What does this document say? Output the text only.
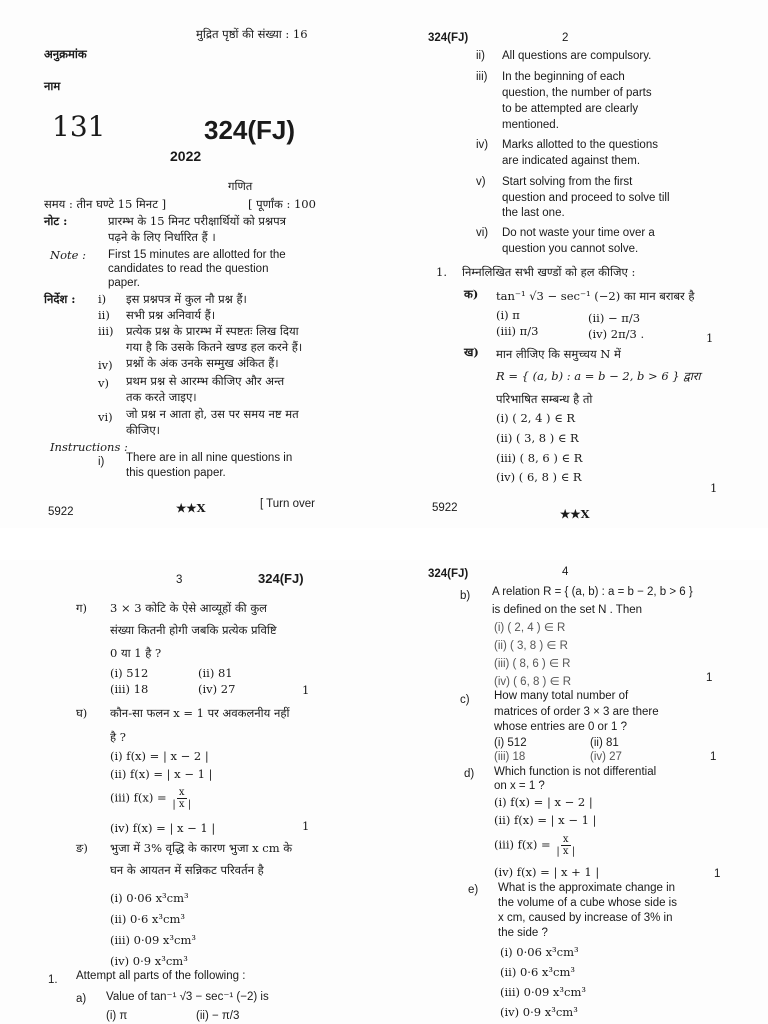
मुद्रित पृष्ठों की संख्या : 16
अनुक्रमांक
नाम
131	324(FJ)
2022
गणित
समय : तीन घण्टे 15 मिनट ]	[ पूर्णांक : 100
नोट :	प्रारम्भ के 15 मिनट परीक्षार्थियों को प्रश्नपत्र
पढ़ने के लिए निर्धारित हैं ।
Note : First 15 minutes are allotted for the
candidates to read the question
paper.
निर्देश : i) इस प्रश्नपत्र में कुल नौ प्रश्न हैं।
ii) सभी प्रश्न अनिवार्य हैं।
iii) प्रत्येक प्रश्न के प्रारम्भ में स्पष्टतः लिख दिया
गया है कि उसके कितने खण्ड हल करने हैं।
iv) प्रश्नों के अंक उनके सम्मुख अंकित हैं।
v) प्रथम प्रश्न से आरम्भ कीजिए और अन्त
तक करते जाइए।
vi) जो प्रश्न न आता हो, उस पर समय नष्ट मत
कीजिए।
Instructions :
i) There are in all nine questions in
this question paper.
5922	★★X	[ Turn over
324(FJ)	2
ii) All questions are compulsory.
iii) In the beginning of each
question, the number of parts
to be attempted are clearly
mentioned.
iv) Marks allotted to the questions
are indicated against them.
v) Start solving from the first
question and proceed to solve till
the last one.
vi) Do not waste your time over a
question you cannot solve.
1. निम्नलिखित सभी खण्डों को हल कीजिए :
क) tan⁻¹ √3 − sec⁻¹ (−2) का मान बराबर है
(i) π	(ii) − π/3
(iii) π/3	(iv) 2π/3 .	1
ख) मान लीजिए कि समुच्चय N में
R = { (a, b) : a = b − 2, b > 6 } द्वारा
परिभाषित सम्बन्ध है तो
(i) ( 2, 4 ) ∈ R
(ii) ( 3, 8 ) ∈ R
(iii) ( 8, 6 ) ∈ R
(iv) ( 6, 8 ) ∈ R
1
5922	★★X
3	324(FJ)
ग) 3 × 3 कोटि के ऐसे आव्यूहों की कुल
संख्या कितनी होगी जबकि प्रत्येक प्रविष्टि
0 या 1 है ?
(i) 512	(ii) 81
(iii) 18	(iv) 27	1
घ) कौन-सा फलन x = 1 पर अवकलनीय नहीं
है ?
(i) f(x) = | x − 2 |
(ii) f(x) = | x − 1 |
(iii) $f(x) = \frac{x}{| x |}$
(iv) f(x) = | x − 1 |	1
ङ) भुजा में 3% वृद्धि के कारण भुजा x cm के
घन के आयतन में सन्निकट परिवर्तन है
(i) 0·06 x³cm³
(ii) 0·6 x³cm³
(iii) 0·09 x³cm³
(iv) 0·9 x³cm³
1. Attempt all parts of the following :
a) Value of tan⁻¹ √3 − sec⁻¹ (−2) is
(i) π	(ii) − π/3
324(FJ)	4
b) A relation R = { (a, b) : a = b − 2, b > 6 }
is defined on the set N . Then
(i) ( 2, 4 ) ∈ R
(ii) ( 3, 8 ) ∈ R
(iii) ( 8, 6 ) ∈ R
(iv) ( 6, 8 ) ∈ R	1
c) How many total number of
matrices of order 3 × 3 are there
whose entries are 0 or 1 ?
(i) 512	(ii) 81
(iii) 18	(iv) 27	1
d) Which function is not differential
on x = 1 ?
(i) f(x) = | x − 2 |
(ii) f(x) = | x − 1 |
(iii) $f(x) = \frac{x}{| x |}$
(iv) f(x) = | x + 1 |	1
e) What is the approximate change in
the volume of a cube whose side is
x cm, caused by increase of 3% in
the side ?
(i) 0·06 x³cm³
(ii) 0·6 x³cm³
(iii) 0·09 x³cm³
(iv) 0·9 x³cm³
